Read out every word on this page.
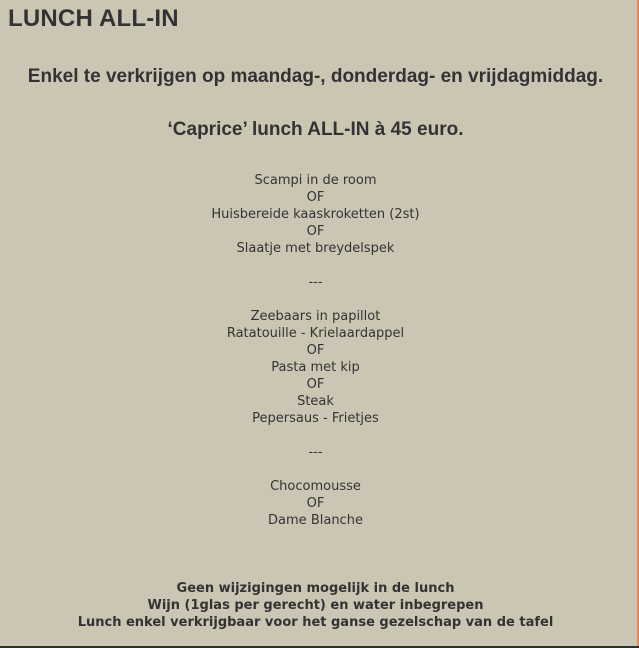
LUNCH ALL-IN

Enkel te verkrijgen op maandag-, donderdag- en vrijdagmiddag.

‘Caprice’ lunch ALL-IN à 45 euro.

Scampi in de room
OF
Huisbereide kaaskroketten (2st)
OF
Slaatje met breydelspek
---
Zeebaars in papillot
Ratatouille - Krielaardappel
OF
Pasta met kip
OF
Steak
Pepersaus - Frietjes
---
Chocomousse
OF
Dame Blanche
Geen wijzigingen mogelijk in de lunch
Wijn (1glas per gerecht) en water inbegrepen
Lunch enkel verkrijgbaar voor het ganse gezelschap van de tafel
